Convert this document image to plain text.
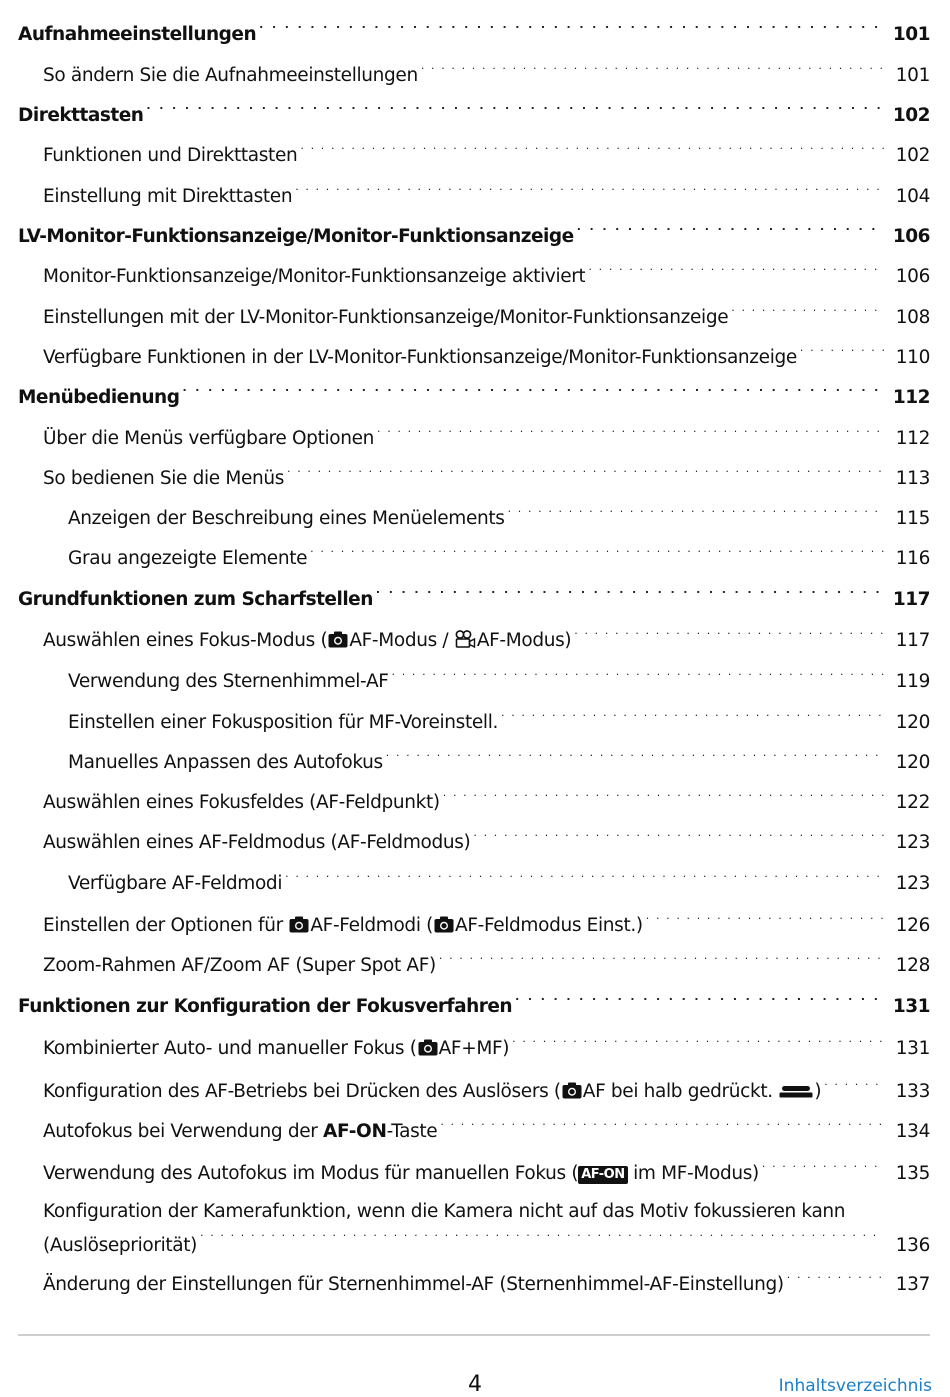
Aufnahmeeinstellungen . . .	101
So ändern Sie die Aufnahmeeinstellungen . . .	101
Direkttasten . . .	102
Funktionen und Direkttasten . . .	102
Einstellung mit Direkttasten . . .	104
LV-Monitor-Funktionsanzeige/Monitor-Funktionsanzeige . . .	106
Monitor-Funktionsanzeige/Monitor-Funktionsanzeige aktiviert . . .	106
Einstellungen mit der LV-Monitor-Funktionsanzeige/Monitor-Funktionsanzeige . . .	108
Verfügbare Funktionen in der LV-Monitor-Funktionsanzeige/Monitor-Funktionsanzeige . . .	110
Menübedienung . . .	112
Über die Menüs verfügbare Optionen . . .	112
So bedienen Sie die Menüs . . .	113
Anzeigen der Beschreibung eines Menüelements . . .	115
Grau angezeigte Elemente . . .	116
Grundfunktionen zum Scharfstellen . . .	117
Auswählen eines Fokus-Modus ( AF-Modus / AF-Modus) . . .	117
Verwendung des Sternenhimmel-AF . . .	119
Einstellen einer Fokusposition für MF-Voreinstell. . . .	120
Manuelles Anpassen des Autofokus . . .	120
Auswählen eines Fokusfeldes (AF-Feldpunkt) . . .	122
Auswählen eines AF-Feldmodus (AF-Feldmodus) . . .	123
Verfügbare AF-Feldmodi . . .	123
Einstellen der Optionen für AF-Feldmodi ( AF-Feldmodus Einst.) . . .	126
Zoom-Rahmen AF/Zoom AF (Super Spot AF) . . .	128
Funktionen zur Konfiguration der Fokusverfahren . . .	131
Kombinierter Auto- und manueller Fokus ( AF+MF) . . .	131
Konfiguration des AF-Betriebs bei Drücken des Auslösers ( AF bei halb gedrückt. ) . . .	133
Autofokus bei Verwendung der AF-ON-Taste . . .	134
Verwendung des Autofokus im Modus für manuellen Fokus ( AF-ON im MF-Modus) . . .	135
Konfiguration der Kamerafunktion, wenn die Kamera nicht auf das Motiv fokussieren kann
(Auslösepriorität) . . .	136
Änderung der Einstellungen für Sternenhimmel-AF (Sternenhimmel-AF-Einstellung) . . .	137
4	Inhaltsverzeichnis
